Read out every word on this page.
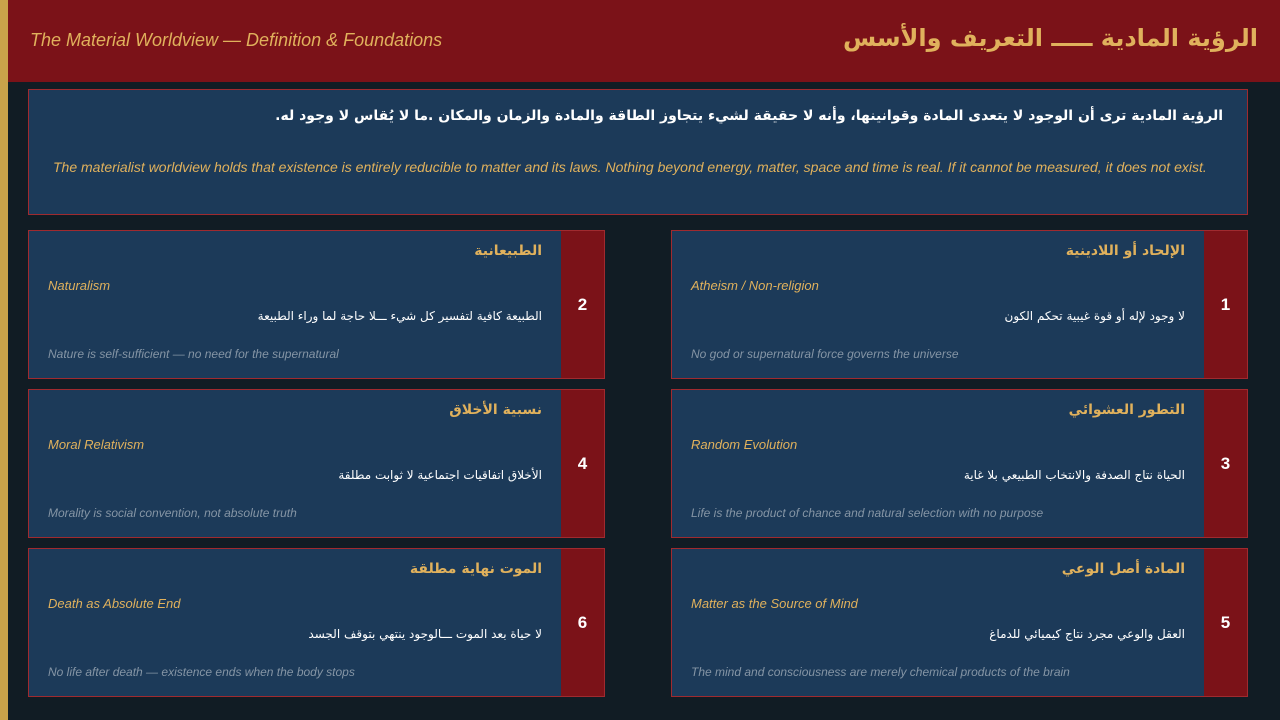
The Material Worldview — Definition & Foundations	الرؤية المادية ـــــ التعريف والأسس
الرؤية المادية ترى أن الوجود لا يتعدى المادة وقوانينها، وأنه لا حقيقة لشيء يتجاوز الطاقة والمادة والزمان والمكان .ما لا يُقاس لا وجود له.
The materialist worldview holds that existence is entirely reducible to matter and its laws. Nothing beyond energy, matter, space and time is real. If it cannot be measured, it does not exist.
1
الإلحاد أو اللادينية
Atheism / Non-religion
لا وجود لإله أو قوة غيبية تحكم الكون
No god or supernatural force governs the universe
2
الطبيعانية
Naturalism
الطبيعة كافية لتفسير كل شيء ـــلا حاجة لما وراء الطبيعة
Nature is self-sufficient — no need for the supernatural
3
التطور العشوائي
Random Evolution
الحياة نتاج الصدفة والانتخاب الطبيعي بلا غاية
Life is the product of chance and natural selection with no purpose
4
نسبية الأخلاق
Moral Relativism
الأخلاق اتفاقيات اجتماعية لا ثوابت مطلقة
Morality is social convention, not absolute truth
5
المادة أصل الوعي
Matter as the Source of Mind
العقل والوعي مجرد نتاج كيميائي للدماغ
The mind and consciousness are merely chemical products of the brain
6
الموت نهاية مطلقة
Death as Absolute End
لا حياة بعد الموت ـــالوجود ينتهي بتوقف الجسد
No life after death — existence ends when the body stops
